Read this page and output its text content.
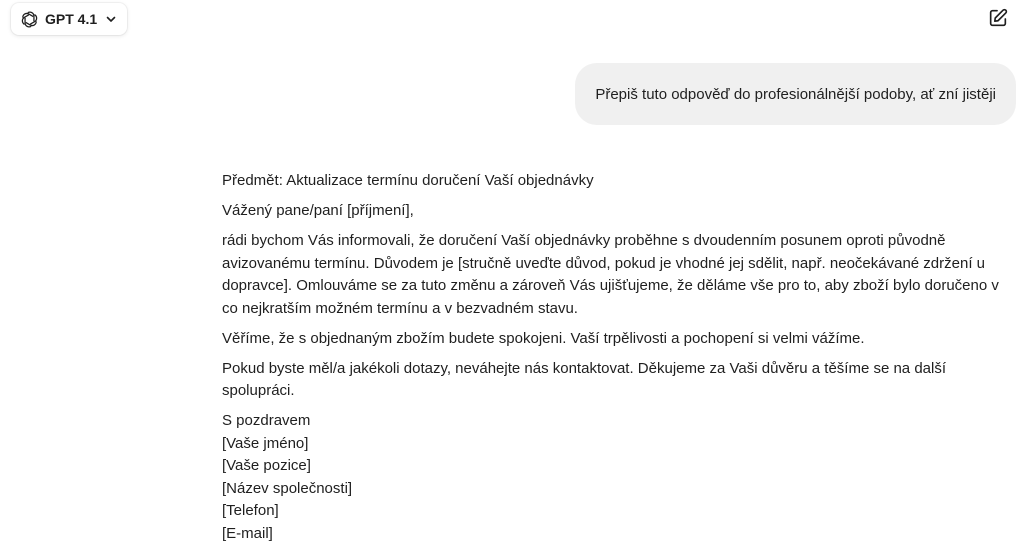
GPT 4.1
Přepiš tuto odpověď do profesionálnější podoby, ať zní jistěji

Předmět: Aktualizace termínu doručení Vaší objednávky

Vážený pane/paní [příjmení],

rádi bychom Vás informovali, že doručení Vaší objednávky proběhne s dvoudenním posunem oproti původně avizovanému termínu. Důvodem je [stručně uveďte důvod, pokud je vhodné jej sdělit, např. neočekávané zdržení u dopravce]. Omlouváme se za tuto změnu a zároveň Vás ujišťujeme, že děláme vše pro to, aby zboží bylo doručeno v co nejkratším možném termínu a v bezvadném stavu.

Věříme, že s objednaným zbožím budete spokojeni. Vaší trpělivosti a pochopení si velmi vážíme.

Pokud byste měl/a jakékoli dotazy, neváhejte nás kontaktovat. Děkujeme za Vaši důvěru a těšíme se na další spolupráci.

S pozdravem
[Vaše jméno]
[Vaše pozice]
[Název společnosti]
[Telefon]
[E-mail]
